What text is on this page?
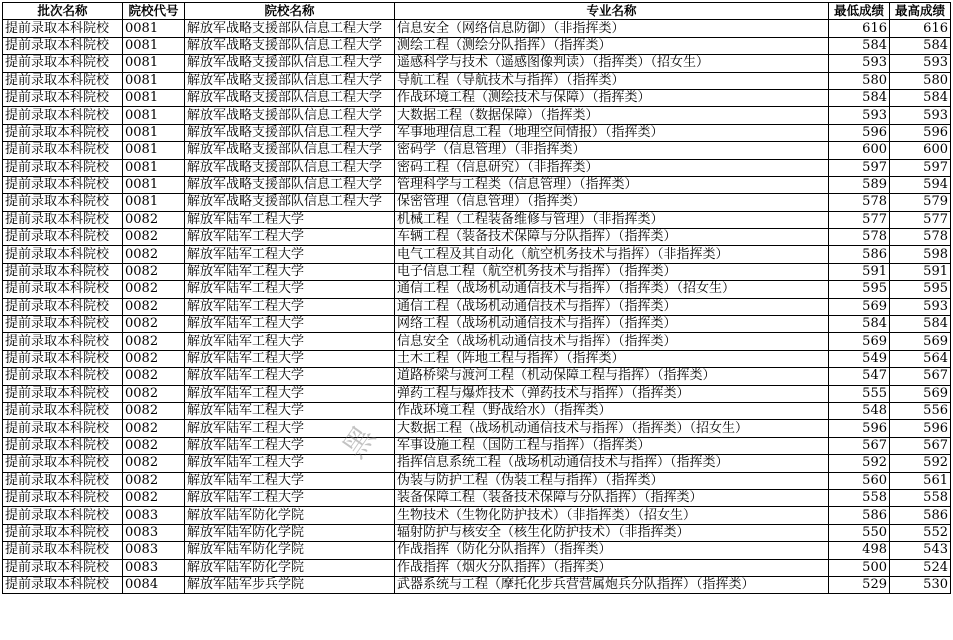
批次名称	院校代号	院校名称	专业名称	最低成绩	最高成绩
提前录取本科院校	0081	解放军战略支援部队信息工程大学	信息安全（网络信息防御）（非指挥类）	616	616
提前录取本科院校	0081	解放军战略支援部队信息工程大学	测绘工程（测绘分队指挥）（指挥类）	584	584
提前录取本科院校	0081	解放军战略支援部队信息工程大学	遥感科学与技术（遥感图像判读）（指挥类）（招女生）	593	593
提前录取本科院校	0081	解放军战略支援部队信息工程大学	导航工程（导航技术与指挥）（指挥类）	580	580
提前录取本科院校	0081	解放军战略支援部队信息工程大学	作战环境工程（测绘技术与保障）（指挥类）	584	584
提前录取本科院校	0081	解放军战略支援部队信息工程大学	大数据工程（数据保障）（指挥类）	593	593
提前录取本科院校	0081	解放军战略支援部队信息工程大学	军事地理信息工程（地理空间情报）（指挥类）	596	596
提前录取本科院校	0081	解放军战略支援部队信息工程大学	密码学（信息管理）（非指挥类）	600	600
提前录取本科院校	0081	解放军战略支援部队信息工程大学	密码工程（信息研究）（非指挥类）	597	597
提前录取本科院校	0081	解放军战略支援部队信息工程大学	管理科学与工程类（信息管理）（指挥类）	589	594
提前录取本科院校	0081	解放军战略支援部队信息工程大学	保密管理（信息管理）（指挥类）	578	579
提前录取本科院校	0082	解放军陆军工程大学	机械工程（工程装备维修与管理）（非指挥类）	577	577
提前录取本科院校	0082	解放军陆军工程大学	车辆工程（装备技术保障与分队指挥）（指挥类）	578	578
提前录取本科院校	0082	解放军陆军工程大学	电气工程及其自动化（航空机务技术与指挥）（非指挥类）	586	598
提前录取本科院校	0082	解放军陆军工程大学	电子信息工程（航空机务技术与指挥）（指挥类）	591	591
提前录取本科院校	0082	解放军陆军工程大学	通信工程（战场机动通信技术与指挥）（指挥类）（招女生）	595	595
提前录取本科院校	0082	解放军陆军工程大学	通信工程（战场机动通信技术与指挥）（指挥类）	569	593
提前录取本科院校	0082	解放军陆军工程大学	网络工程（战场机动通信技术与指挥）（指挥类）	584	584
提前录取本科院校	0082	解放军陆军工程大学	信息安全（战场机动通信技术与指挥）（指挥类）	569	569
提前录取本科院校	0082	解放军陆军工程大学	土木工程（阵地工程与指挥）（指挥类）	549	564
提前录取本科院校	0082	解放军陆军工程大学	道路桥梁与渡河工程（机动保障工程与指挥）（指挥类）	547	567
提前录取本科院校	0082	解放军陆军工程大学	弹药工程与爆炸技术（弹药技术与指挥）（指挥类）	555	569
提前录取本科院校	0082	解放军陆军工程大学	作战环境工程（野战给水）（指挥类）	548	556
提前录取本科院校	0082	解放军陆军工程大学	大数据工程（战场机动通信技术与指挥）（指挥类）（招女生）	596	596
提前录取本科院校	0082	解放军陆军工程大学	军事设施工程（国防工程与指挥）（指挥类）	567	567
提前录取本科院校	0082	解放军陆军工程大学	指挥信息系统工程（战场机动通信技术与指挥）（指挥类）	592	592
提前录取本科院校	0082	解放军陆军工程大学	伪装与防护工程（伪装工程与指挥）（指挥类）	560	561
提前录取本科院校	0082	解放军陆军工程大学	装备保障工程（装备技术保障与分队指挥）（指挥类）	558	558
提前录取本科院校	0083	解放军陆军防化学院	生物技术（生物化防护技术）（非指挥类）（招女生）	586	586
提前录取本科院校	0083	解放军陆军防化学院	辐射防护与核安全（核生化防护技术）（非指挥类）	550	552
提前录取本科院校	0083	解放军陆军防化学院	作战指挥（防化分队指挥）（指挥类）	498	543
提前录取本科院校	0083	解放军陆军防化学院	作战指挥（烟火分队指挥）（指挥类）	500	524
提前录取本科院校	0084	解放军陆军步兵学院	武器系统与工程（摩托化步兵营营属炮兵分队指挥）（指挥类）	529	530
黑
